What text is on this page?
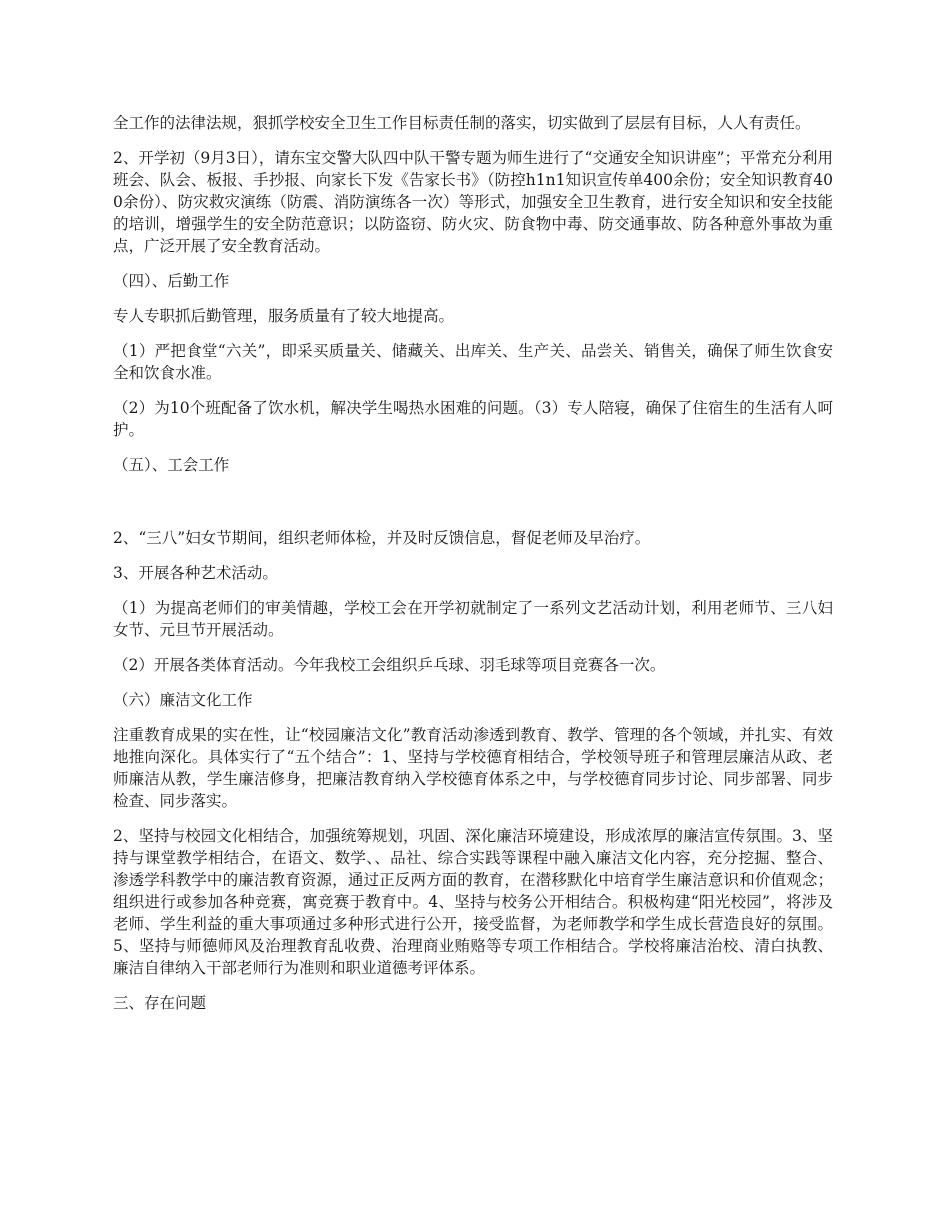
全工作的法律法规，狠抓学校安全卫生工作目标责任制的落实，切实做到了层层有目标，人人有责任。

2、开学初（9月3日），请东宝交警大队四中队干警专题为师生进行了“交通安全知识讲座”；平常充分利用班会、队会、板报、手抄报、向家长下发《告家长书》（防控h1n1知识宣传单400余份；安全知识教育400余份）、防灾救灾演练（防震、消防演练各一次）等形式，加强安全卫生教育，进行安全知识和安全技能的培训，增强学生的安全防范意识；以防盗窃、防火灾、防食物中毒、防交通事故、防各种意外事故为重点，广泛开展了安全教育活动。

（四）、后勤工作

专人专职抓后勤管理，服务质量有了较大地提高。

（1）严把食堂“六关”，即采买质量关、储藏关、出库关、生产关、品尝关、销售关，确保了师生饮食安全和饮食水准。

（2）为10个班配备了饮水机，解决学生喝热水困难的问题。（3）专人陪寝，确保了住宿生的生活有人呵护。

（五）、工会工作

2、“三八”妇女节期间，组织老师体检，并及时反馈信息，督促老师及早治疗。

3、开展各种艺术活动。

（1）为提高老师们的审美情趣，学校工会在开学初就制定了一系列文艺活动计划，利用老师节、三八妇女节、元旦节开展活动。

（2）开展各类体育活动。今年我校工会组织乒乓球、羽毛球等项目竞赛各一次。

（六）廉洁文化工作

注重教育成果的实在性，让“校园廉洁文化”教育活动渗透到教育、教学、管理的各个领域，并扎实、有效地推向深化。具体实行了“五个结合”：1、坚持与学校德育相结合，学校领导班子和管理层廉洁从政、老师廉洁从教，学生廉洁修身，把廉洁教育纳入学校德育体系之中，与学校德育同步讨论、同步部署、同步检查、同步落实。

2、坚持与校园文化相结合，加强统筹规划，巩固、深化廉洁环境建设，形成浓厚的廉洁宣传氛围。3、坚持与课堂教学相结合，在语文、数学、、品社、综合实践等课程中融入廉洁文化内容，充分挖掘、整合、渗透学科教学中的廉洁教育资源，通过正反两方面的教育，在潜移默化中培育学生廉洁意识和价值观念；组织进行或参加各种竞赛，寓竞赛于教育中。4、坚持与校务公开相结合。积极构建“阳光校园”，将涉及老师、学生利益的重大事项通过多种形式进行公开，接受监督，为老师教学和学生成长营造良好的氛围。5、坚持与师德师风及治理教育乱收费、治理商业贿赂等专项工作相结合。学校将廉洁治校、清白执教、廉洁自律纳入干部老师行为准则和职业道德考评体系。

三、存在问题
